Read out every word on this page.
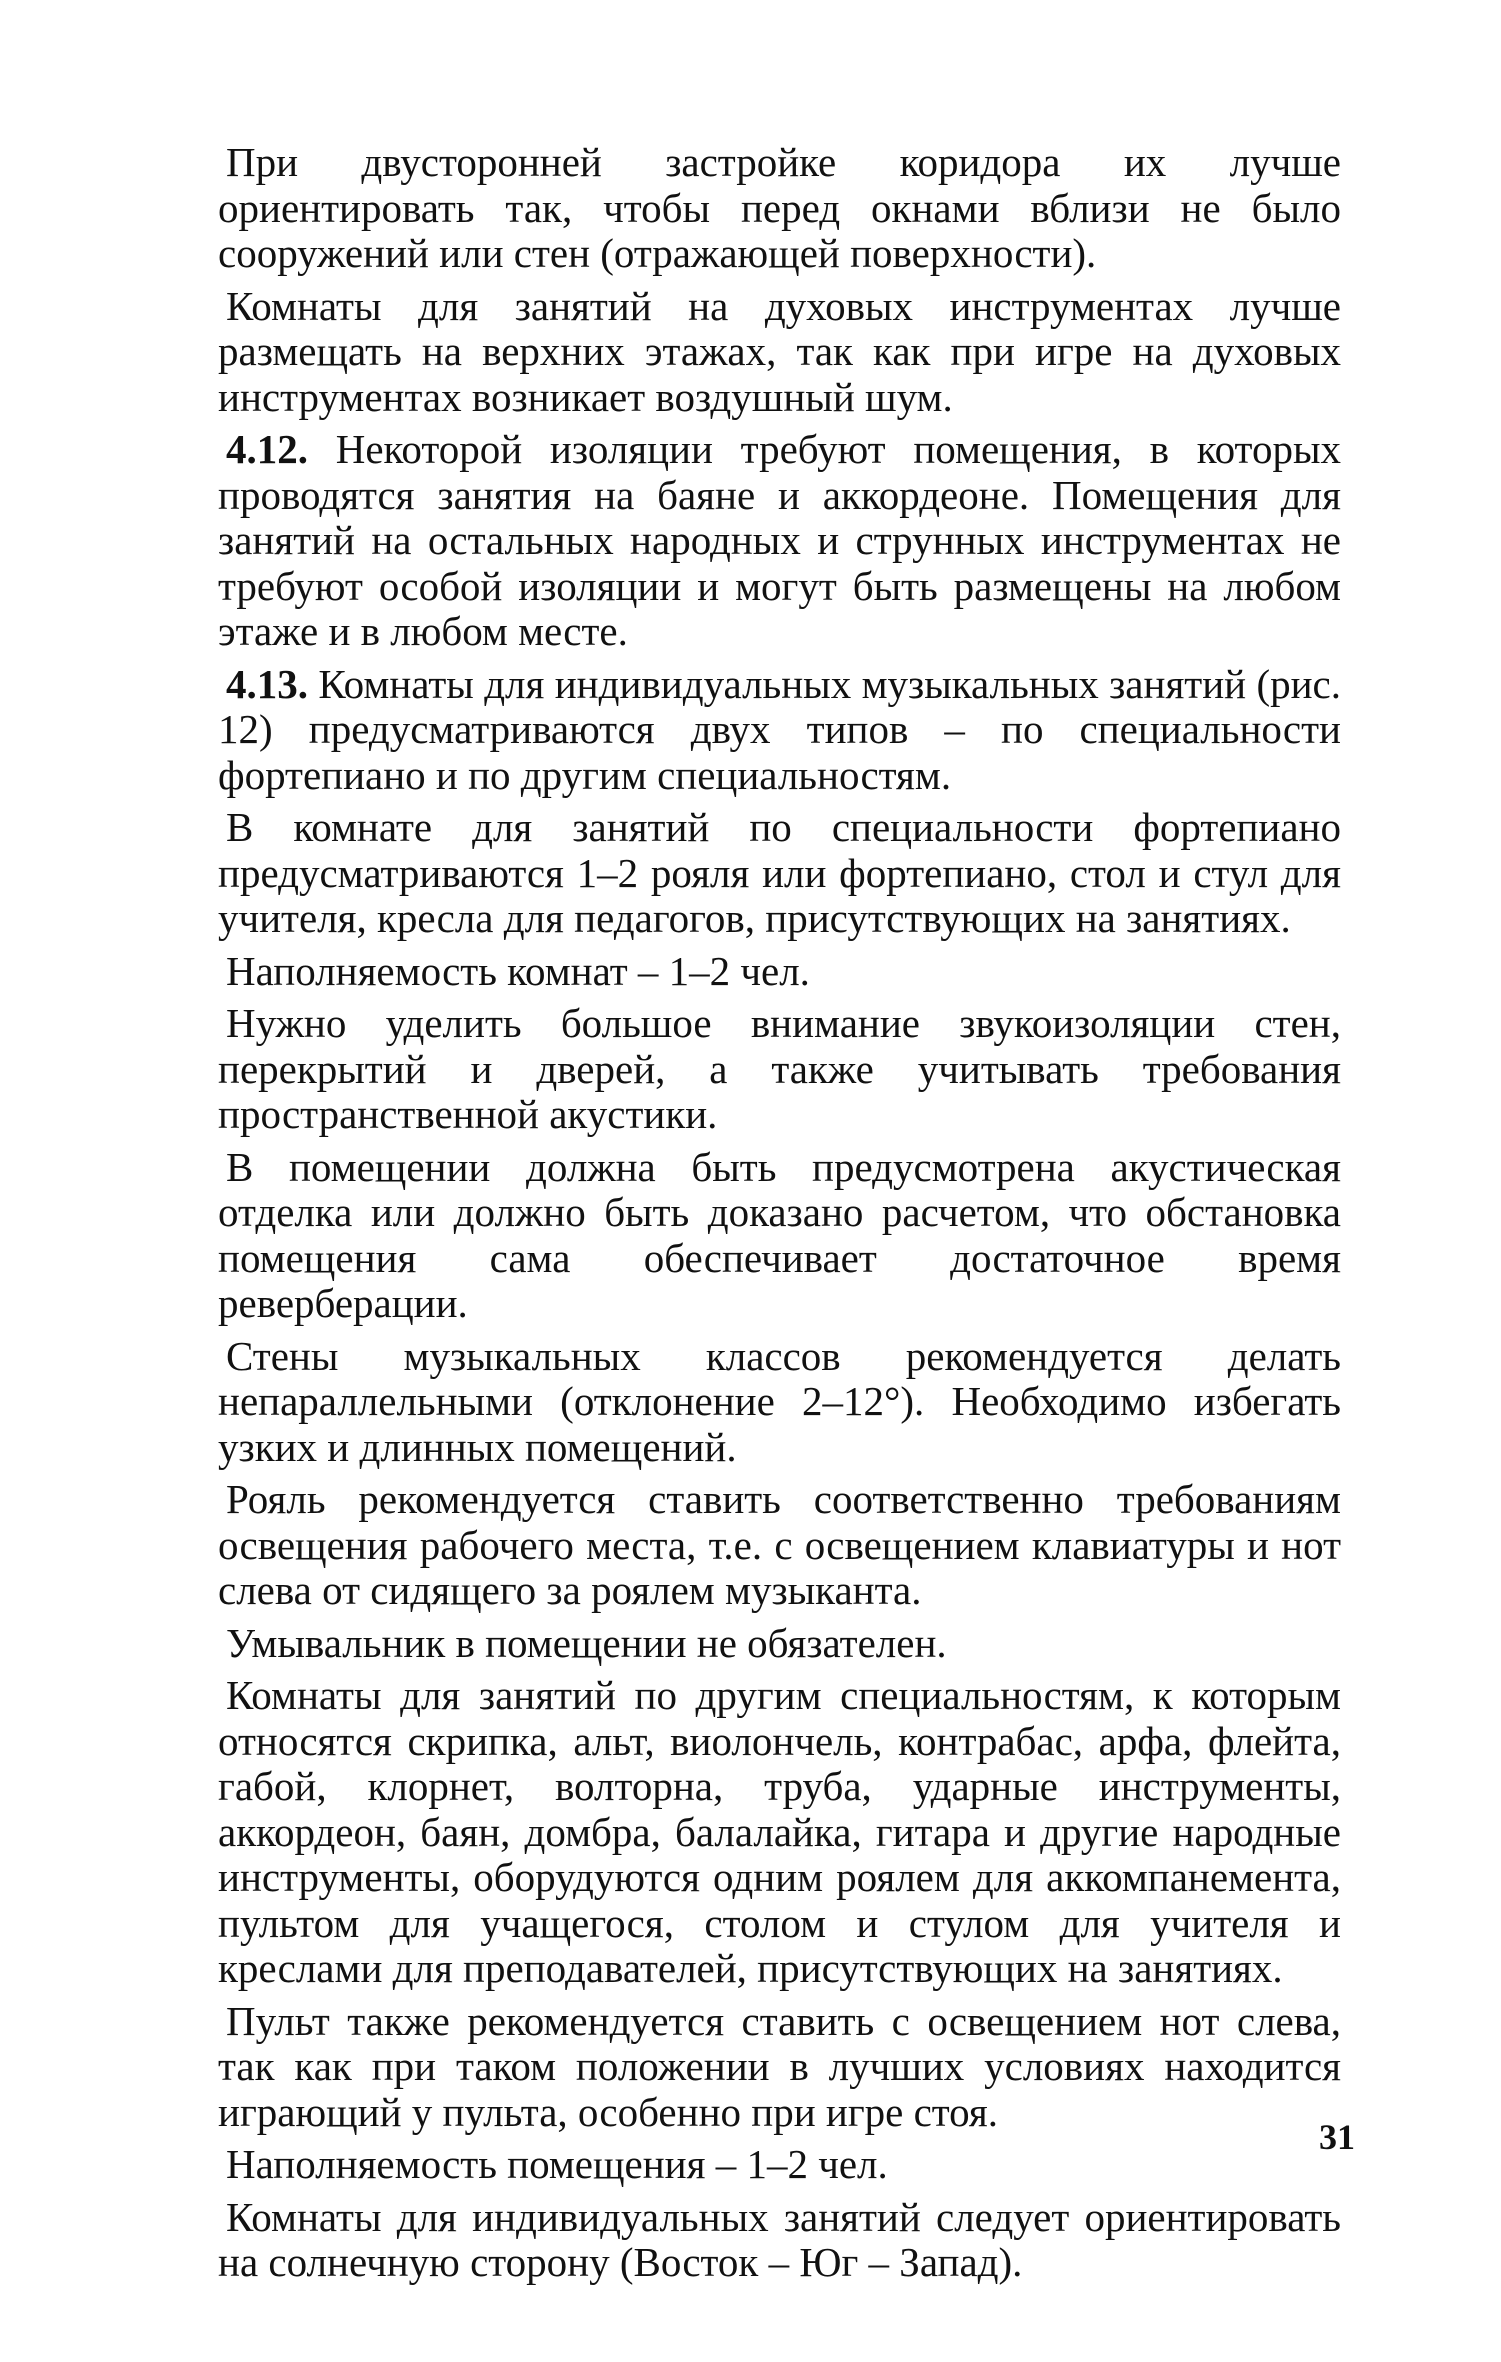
При двусторонней застройке коридора их лучше ориентировать так, чтобы перед окнами вблизи не было сооружений или стен (отражающей поверхности).

Комнаты для занятий на духовых инструментах лучше размещать на верхних этажах, так как при игре на духовых инструментах возникает воздушный шум.

4.12. Некоторой изоляции требуют помещения, в которых проводятся занятия на баяне и аккордеоне. Помещения для занятий на остальных народных и струнных инструментах не требуют особой изоляции и могут быть размещены на любом этаже и в любом месте.

4.13. Комнаты для индивидуальных музыкальных занятий (рис. 12) предусматриваются двух типов – по специальности фортепиано и по другим специальностям.

В комнате для занятий по специальности фортепиано предусматриваются 1–2 рояля или фортепиано, стол и стул для учителя, кресла для педагогов, присутствующих на занятиях.

Наполняемость комнат – 1–2 чел.

Нужно уделить большое внимание звукоизоляции стен, перекрытий и дверей, а также учитывать требования пространственной акустики.

В помещении должна быть предусмотрена акустическая отделка или должно быть доказано расчетом, что обстановка помещения сама обеспечивает достаточное время реверберации.

Стены музыкальных классов рекомендуется делать непараллельными (отклонение 2–12°). Необходимо избегать узких и длинных помещений.

Рояль рекомендуется ставить соответственно требованиям освещения рабочего места, т.е. с освещением клавиатуры и нот слева от сидящего за роялем музыканта.

Умывальник в помещении не обязателен.

Комнаты для занятий по другим специальностям, к которым относятся скрипка, альт, виолончель, контрабас, арфа, флейта, габой, клорнет, волторна, труба, ударные инструменты, аккордеон, баян, домбра, балалайка, гитара и другие народные инструменты, оборудуются одним роялем для аккомпанемента, пультом для учащегося, столом и стулом для учителя и креслами для преподавателей, присутствующих на занятиях.

Пульт также рекомендуется ставить с освещением нот слева, так как при таком положении в лучших условиях находится играющий у пульта, особенно при игре стоя.

Наполняемость помещения – 1–2 чел.

Комнаты для индивидуальных занятий следует ориентировать на солнечную сторону (Восток – Юг – Запад).

31
